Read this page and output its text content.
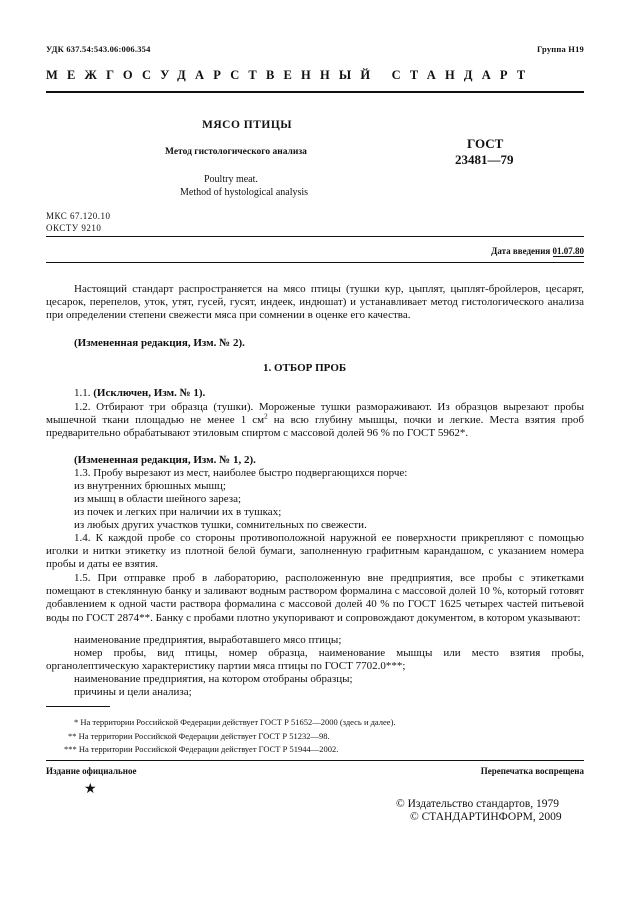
УДК 637.54:543.06:006.354	Группа Н19
МЕЖГОСУДАРСТВЕННЫЙ СТАНДАРТ
МЯСО ПТИЦЫ
Метод гистологического анализа
Poultry meat.
Method of hystological analysis
ГОСТ
23481—79
МКС 67.120.10
ОКСТУ 9210
Дата введения 01.07.80
Настоящий стандарт распространяется на мясо птицы (тушки кур, цыплят, цыплят-бройлеров, цесарят, цесарок, перепелов, уток, утят, гусей, гусят, индеек, индюшат) и устанавливает метод гистологического анализа при определении степени свежести мяса при сомнении в оценке его качества.
(Измененная редакция, Изм. № 2).
1. ОТБОР ПРОБ
1.1. (Исключен, Изм. № 1).
1.2. Отбирают три образца (тушки). Мороженые тушки размораживают. Из образцов вырезают пробы мышечной ткани площадью не менее 1 $см^2$ на всю глубину мышцы, почки и легкие. Места взятия проб предварительно обрабатывают этиловым спиртом с массовой долей 96 % по ГОСТ 5962*.
(Измененная редакция, Изм. № 1, 2).
1.3. Пробу вырезают из мест, наиболее быстро подвергающихся порче:
из внутренних брюшных мышц;
из мышц в области шейного зареза;
из почек и легких при наличии их в тушках;
из любых других участков тушки, сомнительных по свежести.
1.4. К каждой пробе со стороны противоположной наружной ее поверхности прикрепляют с помощью иголки и нитки этикетку из плотной белой бумаги, заполненную графитным карандашом, с указанием номера пробы и даты ее взятия.
1.5. При отправке проб в лабораторию, расположенную вне предприятия, все пробы с этикетками помещают в стеклянную банку и заливают водным раствором формалина с массовой долей 10 %, который готовят добавлением к одной части раствора формалина с массовой долей 40 % по ГОСТ 1625 четырех частей питьевой воды по ГОСТ 2874**. Банку с пробами плотно укупоривают и сопровождают документом, в котором указывают:
наименование предприятия, выработавшего мясо птицы;
номер пробы, вид птицы, номер образца, наименование мышцы или место взятия пробы, органолептическую характеристику партии мяса птицы по ГОСТ 7702.0***;
наименование предприятия, на котором отобраны образцы;
причины и цели анализа;
* На территории Российской Федерации действует ГОСТ Р 51652—2000 (здесь и далее).
** На территории Российской Федерации действует ГОСТ Р 51232—98.
*** На территории Российской Федерации действует ГОСТ Р 51944—2002.
Издание официальное	Перепечатка воспрещена
★
© Издательство стандартов, 1979
© СТАНДАРТИНФОРМ, 2009
